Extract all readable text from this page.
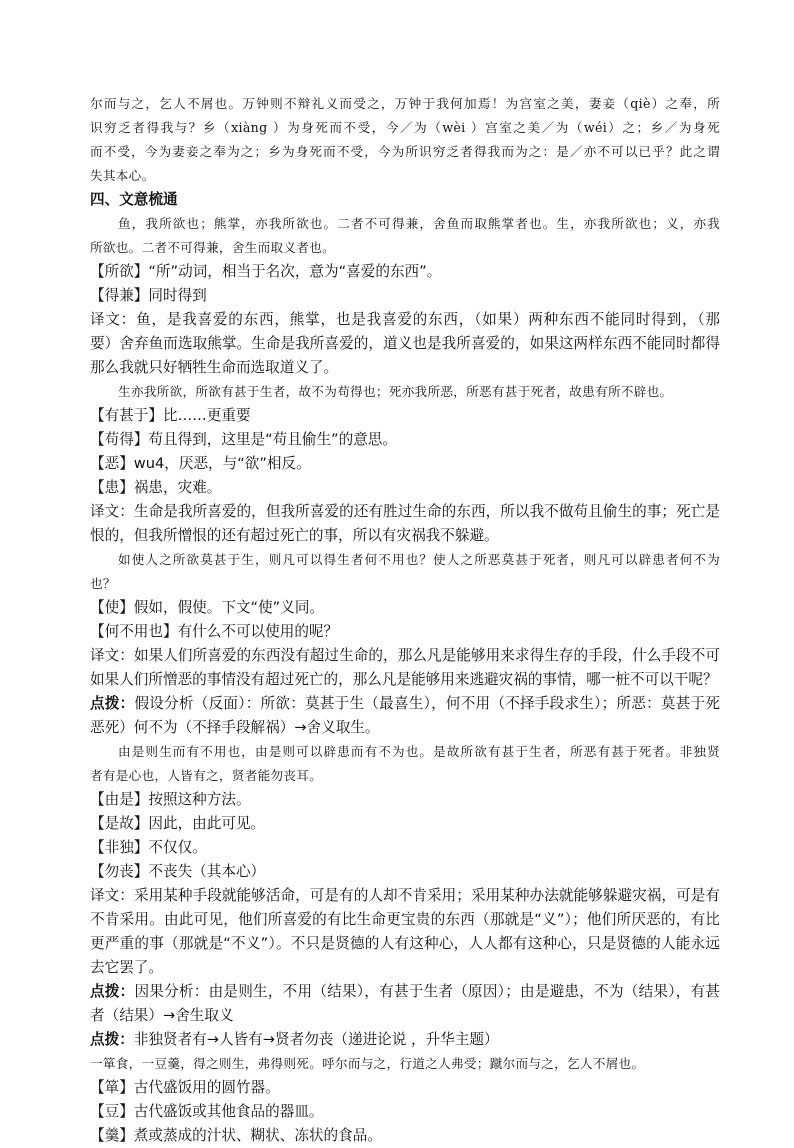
尔而与之，乞人不屑也。万钟则不辩礼义而受之，万钟于我何加焉！为宫室之美，妻妾（qiè）之奉，所
识穷乏者得我与？乡（xiàng ）为身死而不受，今／为（wèi ）宫室之美／为（wéi）之；乡／为身死
而不受，今为妻妾之奉为之；乡为身死而不受，今为所识穷乏者得我而为之：是／亦不可以已乎？此之谓
失其本心。
四、文意梳通
鱼，我所欲也；熊掌，亦我所欲也。二者不可得兼，舍鱼而取熊掌者也。生，亦我所欲也；义，亦我
所欲也。二者不可得兼，舍生而取义者也。
【所欲】“所”动词，相当于名次，意为“喜爱的东西”。
【得兼】同时得到
译文：鱼，是我喜爱的东西，熊掌，也是我喜爱的东西，（如果）两种东西不能同时得到，（那
要）舍弃鱼而选取熊掌。生命是我所喜爱的，道义也是我所喜爱的，如果这两样东西不能同时都得
那么我就只好牺牲生命而选取道义了。
生亦我所欲，所欲有甚于生者，故不为苟得也；死亦我所恶，所恶有甚于死者，故患有所不辟也。
【有甚于】比……更重要
【苟得】苟且得到，这里是“苟且偷生”的意思。
【恶】wu4，厌恶，与“欲”相反。
【患】祸患，灾难。
译文：生命是我所喜爱的，但我所喜爱的还有胜过生命的东西，所以我不做苟且偷生的事；死亡是
恨的，但我所憎恨的还有超过死亡的事，所以有灾祸我不躲避。
如使人之所欲莫甚于生，则凡可以得生者何不用也？使人之所恶莫甚于死者，则凡可以辟患者何不为
也？
【使】假如，假使。下文“使”义同。
【何不用也】有什么不可以使用的呢？
译文：如果人们所喜爱的东西没有超过生命的，那么凡是能够用来求得生存的手段，什么手段不可
如果人们所憎恶的事情没有超过死亡的，那么凡是能够用来逃避灾祸的事情，哪一桩不可以干呢？
点拨：假设分析（反面）：所欲：莫甚于生（最喜生），何不用（不择手段求生）；所恶：莫甚于死
恶死）何不为（不择手段解祸）→舍义取生。
由是则生而有不用也，由是则可以辟患而有不为也。是故所欲有甚于生者，所恶有甚于死者。非独贤
者有是心也，人皆有之，贤者能勿丧耳。
【由是】按照这种方法。
【是故】因此，由此可见。
【非独】不仅仅。
【勿丧】不丧失（其本心）
译文：采用某种手段就能够活命，可是有的人却不肯采用；采用某种办法就能够躲避灾祸，可是有
不肯采用。由此可见，他们所喜爱的有比生命更宝贵的东西（那就是“义”）；他们所厌恶的，有比
更严重的事（那就是“不义”）。不只是贤德的人有这种心，人人都有这种心，只是贤德的人能永远
去它罢了。
点拨：因果分析：由是则生，不用（结果），有甚于生者（原因）；由是避患，不为（结果），有甚
者（结果）→舍生取义
点拨：非独贤者有→人皆有→贤者勿丧（递进论说 ，升华主题）
一箪食，一豆羹，得之则生，弗得则死。呼尔而与之，行道之人弗受；蹴尔而与之，乞人不屑也。
【箪】古代盛饭用的圆竹器。
【豆】古代盛饭或其他食品的器皿。
【羹】煮或蒸成的汁状、糊状、冻状的食品。
